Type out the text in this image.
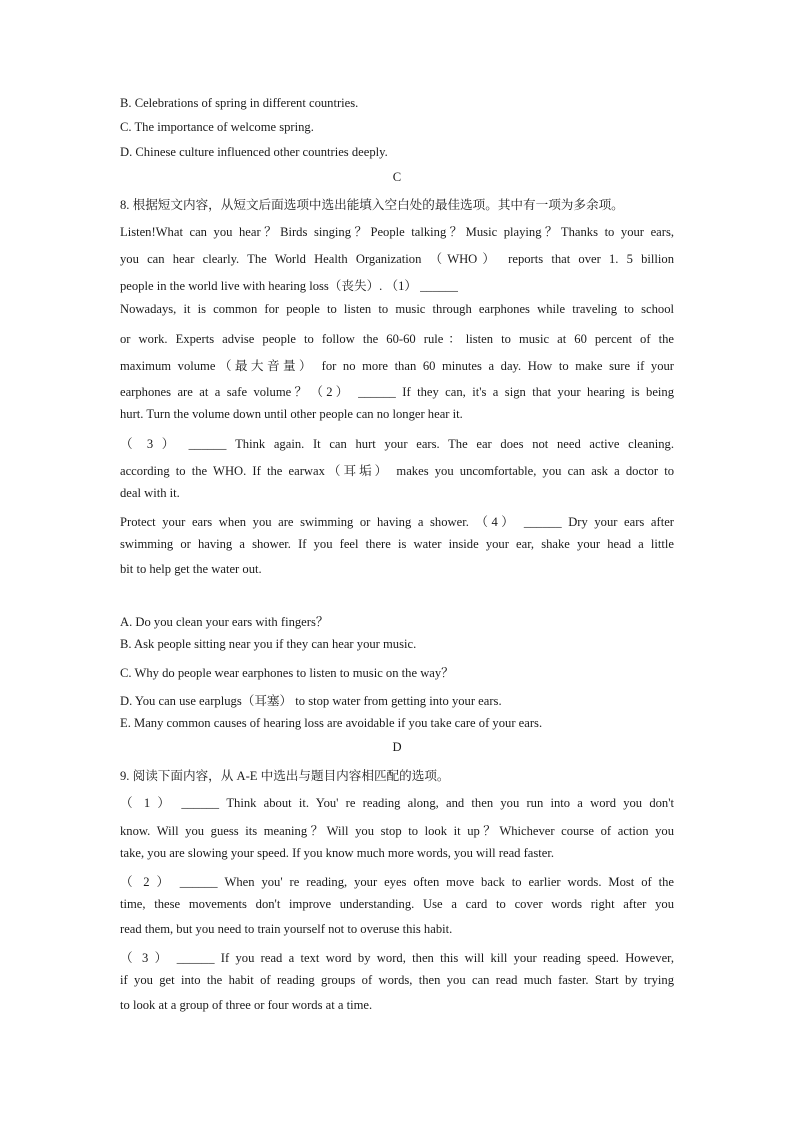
B. Celebrations of spring in different countries.
C. The importance of welcome spring.
D. Chinese culture influenced other countries deeply.
C
8. 根据短文内容，从短文后面选项中选出能填入空白处的最佳选项。其中有一项为多余项。
Listen!What can you hear？Birds singing？People talking？Music playing？Thanks to your ears,
you can hear clearly. The World Health Organization （WHO） reports that over 1. 5 billion
people in the world live with hearing loss（丧失）. （1） ______
Nowadays, it is common for people to listen to music through earphones while traveling to school
or work. Experts advise people to follow the 60-60 rule：listen to music at 60 percent of the
maximum volume（最大音量） for no more than 60 minutes a day. How to make sure if your
earphones are at a safe volume？（2） ______ If they can, it's a sign that your hearing is being
hurt. Turn the volume down until other people can no longer hear it.
（ 3 ） ______ Think again. It can hurt your ears. The ear does not need active cleaning.
according to the WHO. If the earwax（耳垢） makes you uncomfortable, you can ask a doctor to
deal with it.
Protect your ears when you are swimming or having a shower. （4） ______ Dry your ears after
swimming or having a shower. If you feel there is water inside your ear, shake your head a little
bit to help get the water out.
A. Do you clean your ears with fingers？
B. Ask people sitting near you if they can hear your music.
C. Why do people wear earphones to listen to music on the way？
D. You can use earplugs（耳塞） to stop water from getting into your ears.
E. Many common causes of hearing loss are avoidable if you take care of your ears.
D
9. 阅读下面内容，从 A-E 中选出与题目内容相匹配的选项。
（ 1 ） ______ Think about it. You' re reading along, and then you run into a word you don't
know. Will you guess its meaning？Will you stop to look it up？Whichever course of action you
take, you are slowing your speed. If you know much more words, you will read faster.
（ 2 ） ______ When you' re reading, your eyes often move back to earlier words. Most of the
time, these movements don't improve understanding. Use a card to cover words right after you
read them, but you need to train yourself not to overuse this habit.
（ 3 ） ______ If you read a text word by word, then this will kill your reading speed. However,
if you get into the habit of reading groups of words, then you can read much faster. Start by trying
to look at a group of three or four words at a time.
